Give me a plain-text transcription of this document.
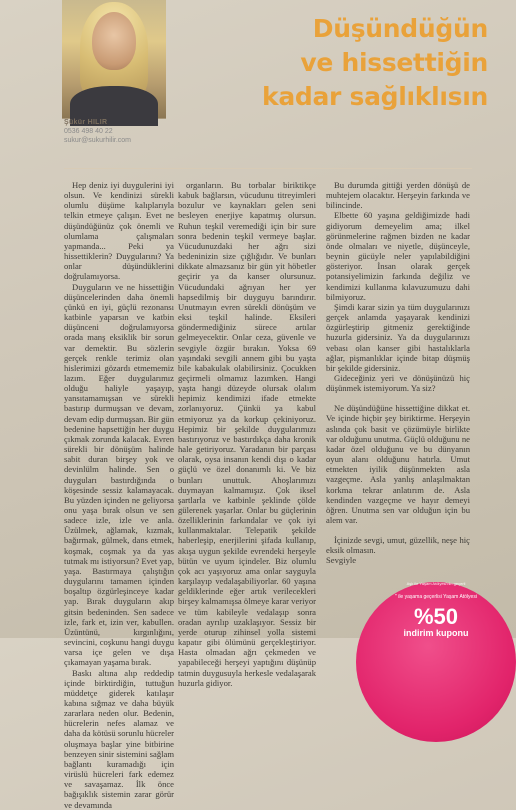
Şükür HILIR
0536 498 40 22
sukur@sukurhilir.com
Düşündüğün
ve hissettiğin
kadar sağlıklısın

Hep deniz iyi duygulerini iyi olsun. Ve kendinizi sürekli olumlu düşüme kalıplarıyla telkin etmeye çalışın. Evet ne düşündüğünüz çok önemli ve olumlama çalışmaları yapmanda... Peki ya hissettiklerin? Duygularını? Ya onlar düşündüklerini doğrulamıyorsa.

Duyguların ve ne hissettiğin düşüncelerinden daha önemli çünkü en iyi, güçlü rezonansı katbinle yaparsın ve katbin düşünceni doğrulamıyorsa orada manş eksiklik bir sorun var demektir. Bu sözlerin gerçek renkle terimiz olan hislerimizi gözardı etmememiz lazım. Eğer duygularımız olduğu haliyle yaşayıp, yansıtamamışsan ve sürekli bastırıp durmuşsan ve devam, devam edip durmuşsan. Bir gün bedenine hapsettiğin her duygu çıkmak zorunda kalacak. Evren sürekli bir dönüşüm halinde sabit duran birşey yok ve devinlülm halinde. Sen o duyguları bastırdığında o köşesinde sessiz kalamayacak. Bu yüzden içinden ne geliyorsa onu yaşa bırak olsun ve sen sadece izle, izle ve anla. Üzülmek, ağlamak, kızmak, bağırmak, gülmek, dans etmek, koşmak, coşmak ya da yas tutmak mı istiyorsun? Evet yap, yaşa. Bastırmaya çalıştığın duygularını tamamen içinden boşaltıp özgürleşinceye kadar yap. Bırak duyguların akıp gitsin bedeninden. Sen sadece izle, fark et, izin ver, kabullen. Üzüntünü, kırgınlığını, sevincini, coşkunu hangi duygu varsa içe gelen ve dışa çıkamayan yaşama bırak.

Baskı altına alıp reddedip içinde birktirdiğin, tuttuğun müddetçe giderek katılaşır kabına sığmaz ve daha büyük zararlara neden olur. Bedenin, hücrelerin nefes alamaz ve daha da kötüsü sorunlu hücreler oluşmaya başlar yine bitbirine benzeyen sinir sistemini sağlam bağlantı kuramadığı için virüslü hücreleri fark edemez ve savaşamaz. İlk önce bağışıklık sistemin zarar görür ve devamında

organların. Bu torbalar biriktikçe kabuk bağlarsın, vücudunu titreyimleri bozulur ve kaynakları gelen seni besleyen enerjiye kapatmış olursun. Ruhun teşkil veremediği için bir sure sonra bedenin teşkil vermeye başlar. Vücudunuzdaki her ağrı sizi bedeninizin size çığlığıdır. Ve bunları dikkate almazsanız bir gün yit höbetler geçirir ya da kanser olursunuz. Vücudundaki ağrıyan her yer hapsedilmiş bir duyguyu barındırır. Unutmayın evren sürekli dönüşüm ve eksi teşkil halinde. Eksileri göndermediğiniz sürece artılar gelmeyecektir. Onlar ceza, güvenle ve sevgiyle özgür bırakın. Yoksa 69 yaşındaki sevgili annem gibi bu yaşta bile kabakulak olabilirsiniz. Çocukken geçirmeli olmamız lazımken. Hangi yaşta hangi düzeyde olursak olalım hepimiz kendimizi ifade etmekte zorlanıyoruz. Çünkü ya kabul etmiyoruz ya da korkup çekiniyoruz. Hepimiz bir şekilde duygularımızı bastırıyoruz ve bastırdıkça daha kronik hale getiriyoruz. Yaradanın bir parçası olarak, oysa insanın kendi dışı o kadar güçlü ve özel donanımlı ki. Ve biz bunları unuttuk. Ahoşlarımızı duymayan kalmamışız. Çok iksel şartlarla ve katbinle şeklinde çölde gülerenek yaşarlar. Onlar bu güçlerinin özelliklerinin farkındalar ve çok iyi kullanmaktalar. Telepatik şekilde haberleşip, enerjilerini şifada kullanıp, akışa uygun şekilde evrendeki herşeyle bütün ve uyum içindeler. Biz olumlu çok acı yaşıyoruz ama onlar sayguyla karşılayıp vedalaşabiliyorlar. 60 yaşına geldiklerinde eğer artık verilecekleri birşey kalmamışsa ölmeye karar veriyor ve tüm kabileyle vedalaşıp sonra oradan ayrılıp uzaklaşıyor. Sessiz bir yerde oturup zihinsel yolla sistemi kapatır gibi ölümünü gerçekleştiriyor. Hasta olmadan ağrı çekmeden ve yapabileceği herşeyi yaptığını düşünüp tatmin duygusuyla herkesle vedalaşarak huzurla gidiyor.

Bu durumda gittiği yerden dönüşü de muhtejem olacaktır. Herşeyin farkında ve bilincinde.

Elbette 60 yaşına geldiğimizde hadi gidiyorum demeyelim ama; ilkel görünmelerine rağmen bizden ne kadar önde olmaları ve niyetle, düşünceyle, beynin gücüyle neler yapılabildiğini gösteriyor. İnsan olarak gerçek potansiyelimizin farkında değiliz ve kendimizi kullanma kılavuzumuzu dahi bilmiyoruz.

Şimdi karar sizin ya tüm duygularınızı gerçek anlamda yaşayarak kendinizi özgürleştirip gitmeniz gerektiğinde huzurla gidersiniz. Ya da duygularınızı vebası olan kanser gibi hastalıklarla ağlar, pişmanlıklar içinde bitap düşmüş bir şekilde gidersiniz.

Gideceğiniz yeri ve dönüşünüzü hiç düşünmek istemiyorum. Ya siz?

Ne düşündüğüne hissettiğine dikkat et. Ve içinde hiçbir şey biriktirme. Herşeyin aslında çok basit ve çözümüyle birlikte var olduğunu unutma. Güçlü olduğunu ne kadar özel olduğunu ve bu dünyanın oyun alanı olduğunu hatırla. Umut etmekten iyilik düşünmekten asla vazgeçme. Asla yanlış anlaşılmaktan korkma tekrar anlatırım de. Asla kendinden vazgeçme ve hayır demeyi öğren. Unutma sen var olduğun için bu alem var.

İçinizde sevgi, umut, güzellik, neşe hiç eksik olmasın.

Sevgiyle

Aşk ile Yaşam Atölyesi'nin geçerli
" ile yaşama geçerlisi Yaşam Atölyesi
%50
indirim kuponu
